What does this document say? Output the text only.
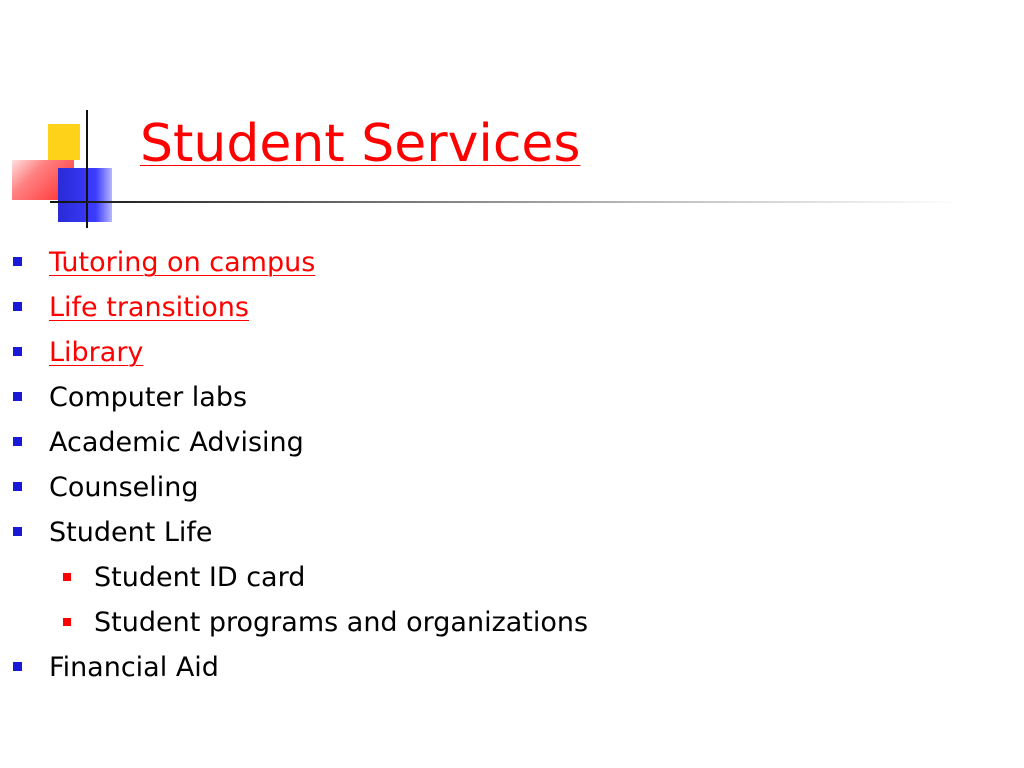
Student Services
Tutoring on campus
Life transitions
Library
Computer labs
Academic Advising
Counseling
Student Life
Student ID card
Student programs and organizations
Financial Aid
